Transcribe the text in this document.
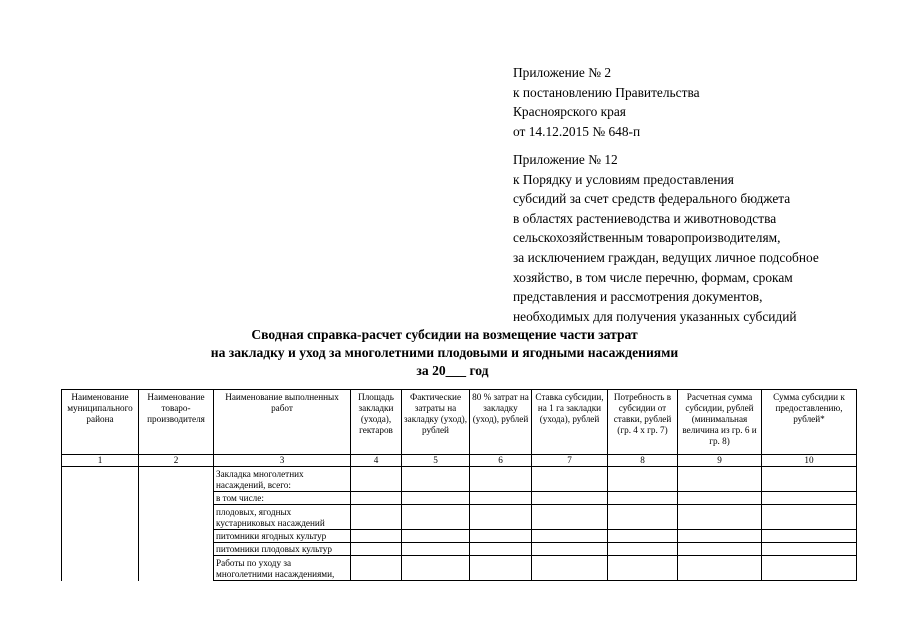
Приложение № 2
к постановлению Правительства
Красноярского края
от 14.12.2015 № 648-п
Приложение № 12
к Порядку и условиям предоставления
субсидий за счет средств федерального бюджета
в областях растениеводства и животноводства
сельскохозяйственным товаропроизводителям,
за исключением граждан, ведущих личное подсобное
хозяйство, в том числе перечню, формам, срокам
представления и рассмотрения документов,
необходимых для получения указанных субсидий
Сводная справка-расчет субсидии на возмещение части затрат
на закладку и уход за многолетними плодовыми и ягодными насаждениями
за 20___ год
Наименование муниципального района	Наименование товаро-производителя	Наименование выполненных работ	Площадь закладки (ухода), гектаров	Фактические затраты на закладку (уход), рублей	80 % затрат на закладку (уход), рублей	Ставка субсидии, на 1 га закладки (ухода), рублей	Потребность в субсидии от ставки, рублей (гр. 4 х гр. 7)	Расчетная сумма субсидии, рублей (минимальная величина из гр. 6 и гр. 8)	Сумма субсидии к предоставлению, рублей*
1	2	3	4	5	6	7	8	9	10
		Закладка многолетних насаждений, всего:							
		в том числе:							
		плодовых, ягодных кустарниковых насаждений							
		питомники ягодных культур							
		питомники плодовых культур							
		Работы по уходу за многолетними насаждениями,							
